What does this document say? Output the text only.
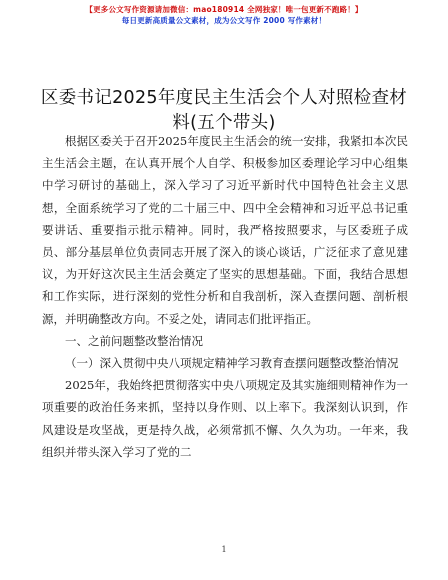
【更多公文写作资源请加微信：mao180914 全网独家！唯一包更新不跑路！】
每日更新高质量公文素材，成为公文写作 2000 写作素材！
区委书记2025年度民主生活会个人对照检查材料(五个带头)

根据区委关于召开2025年度民主生活会的统一安排，我紧扣本次民主生活会主题，在认真开展个人自学、积极参加区委理论学习中心组集中学习研讨的基础上，深入学习了习近平新时代中国特色社会主义思想，全面系统学习了党的二十届三中、四中全会精神和习近平总书记重要讲话、重要指示批示精神。同时，我严格按照要求，与区委班子成员、部分基层单位负责同志开展了深入的谈心谈话，广泛征求了意见建议，为开好这次民主生活会奠定了坚实的思想基础。下面，我结合思想和工作实际，进行深刻的党性分析和自我剖析，深入查摆问题、剖析根源，并明确整改方向。不妥之处，请同志们批评指正。

一、之前问题整改整治情况

（一）深入贯彻中央八项规定精神学习教育查摆问题整改整治情况

2025年，我始终把贯彻落实中央八项规定及其实施细则精神作为一项重要的政治任务来抓，坚持以身作则、以上率下。我深刻认识到，作风建设是攻坚战，更是持久战，必须常抓不懈、久久为功。一年来，我组织并带头深入学习了党的二

1
